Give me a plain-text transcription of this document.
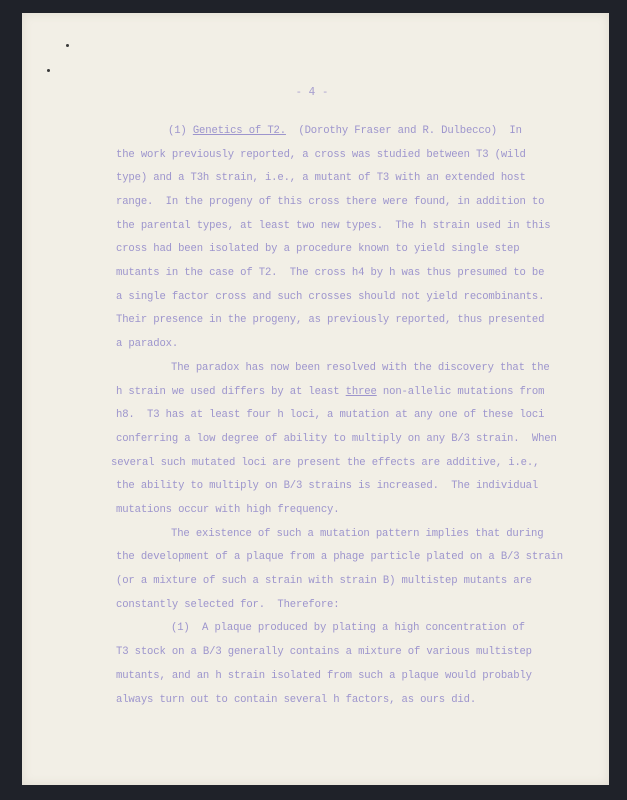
- 4 -

(1) Genetics of T2.  (Dorothy Fraser and R. Dulbecco)  In

the work previously reported, a cross was studied between T3 (wild

type) and a T3h strain, i.e., a mutant of T3 with an extended host

range.  In the progeny of this cross there were found, in addition to

the parental types, at least two new types.  The h strain used in this

cross had been isolated by a procedure known to yield single step

mutants in the case of T2.  The cross h4 by h was thus presumed to be

a single factor cross and such crosses should not yield recombinants.

Their presence in the progeny, as previously reported, thus presented

a paradox.

The paradox has now been resolved with the discovery that the

h strain we used differs by at least three non-allelic mutations from

h8.  T3 has at least four h loci, a mutation at any one of these loci

conferring a low degree of ability to multiply on any B/3 strain.  When

several such mutated loci are present the effects are additive, i.e.,

the ability to multiply on B/3 strains is increased.  The individual

mutations occur with high frequency.

The existence of such a mutation pattern implies that during

the development of a plaque from a phage particle plated on a B/3 strain

(or a mixture of such a strain with strain B) multistep mutants are

constantly selected for.  Therefore:

(1)  A plaque produced by plating a high concentration of

T3 stock on a B/3 generally contains a mixture of various multistep

mutants, and an h strain isolated from such a plaque would probably

always turn out to contain several h factors, as ours did.
